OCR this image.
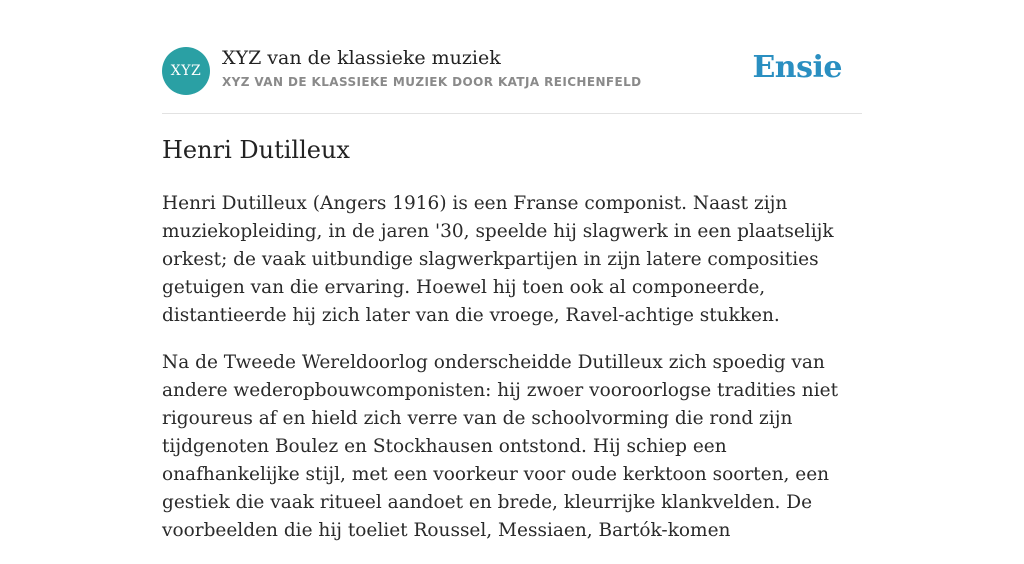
XYZ
XYZ van de klassieke muziek
XYZ VAN DE KLASSIEKE MUZIEK DOOR KATJA REICHENFELD	Ensie
Henri Dutilleux

Henri Dutilleux (Angers 1916) is een Franse componist. Naast zijn muziekopleiding, in de jaren '30, speelde hij slagwerk in een plaatselijk orkest; de vaak uitbundige slagwerkpartijen in zijn latere composities getuigen van die ervaring. Hoewel hij toen ook al componeerde, distantieerde hij zich later van die vroege, Ravel-achtige stukken.

Na de Tweede Wereldoorlog onderscheidde Dutilleux zich spoedig van andere wederopbouwcomponisten: hij zwoer vooroorlogse tradities niet rigoureus af en hield zich verre van de schoolvorming die rond zijn tijdgenoten Boulez en Stockhausen ontstond. Hij schiep een onafhankelijke stijl, met een voorkeur voor oude kerktoon soorten, een gestiek die vaak ritueel aandoet en brede, kleurrijke klankvelden. De voorbeelden die hij toeliet Roussel, Messiaen, Bartók-komen
